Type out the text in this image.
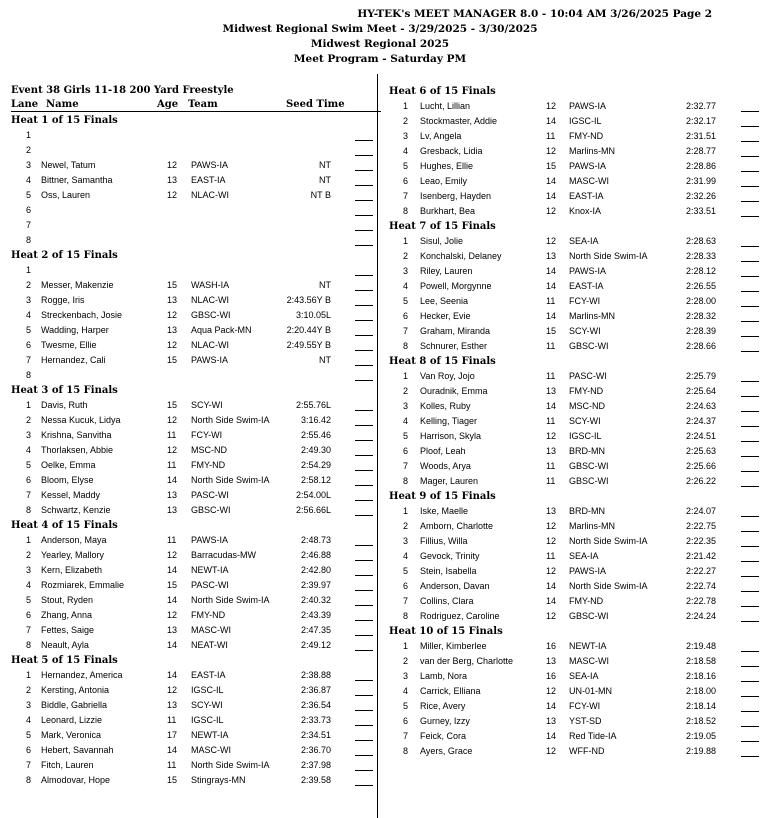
HY-TEK's MEET MANAGER 8.0 - 10:04 AM 3/26/2025 Page 2
Midwest Regional Swim Meet - 3/29/2025 - 3/30/2025
Midwest Regional 2025
Meet Program - Saturday PM
Event 38 Girls 11-18 200 Yard Freestyle
Lane Name	Age Team	Seed Time
Heat 1 of 15 Finals
1
2
3 Newel, Tatum	12 PAWS-IA	NT
4 Bittner, Samantha	13 EAST-IA	NT
5 Oss, Lauren	12 NLAC-WI	NT B
6
7
8
Heat 2 of 15 Finals
1
2 Messer, Makenzie	15 WASH-IA	NT
3 Rogge, Iris	13 NLAC-WI	2:43.56Y B
4 Streckenbach, Josie	12 GBSC-WI	3:10.05L
5 Wadding, Harper	13 Aqua Pack-MN	2:20.44Y B
6 Twesme, Ellie	12 NLAC-WI	2:49.55Y B
7 Hernandez, Cali	15 PAWS-IA	NT
8
Heat 3 of 15 Finals
1 Davis, Ruth	15 SCY-WI	2:55.76L
2 Nessa Kucuk, Lidya	12 North Side Swim-IA	3:16.42
3 Krishna, Sanvitha	11 FCY-WI	2:55.46
4 Thorlaksen, Abbie	12 MSC-ND	2:49.30
5 Oelke, Emma	11 FMY-ND	2:54.29
6 Bloom, Elyse	14 North Side Swim-IA	2:58.12
7 Kessel, Maddy	13 PASC-WI	2:54.00L
8 Schwartz, Kenzie	13 GBSC-WI	2:56.66L
Heat 4 of 15 Finals
1 Anderson, Maya	11 PAWS-IA	2:48.73
2 Yearley, Mallory	12 Barracudas-MW	2:46.88
3 Kern, Elizabeth	14 NEWT-IA	2:42.80
4 Rozmiarek, Emmalie	15 PASC-WI	2:39.97
5 Stout, Ryden	14 North Side Swim-IA	2:40.32
6 Zhang, Anna	12 FMY-ND	2:43.39
7 Fettes, Saige	13 MASC-WI	2:47.35
8 Neault, Ayla	14 NEAT-WI	2:49.12
Heat 5 of 15 Finals
1 Hernandez, America	14 EAST-IA	2:38.88
2 Kersting, Antonia	12 IGSC-IL	2:36.87
3 Biddle, Gabriella	13 SCY-WI	2:36.54
4 Leonard, Lizzie	11 IGSC-IL	2:33.73
5 Mark, Veronica	17 NEWT-IA	2:34.51
6 Hebert, Savannah	14 MASC-WI	2:36.70
7 Fitch, Lauren	11 North Side Swim-IA	2:37.98
8 Almodovar, Hope	15 Stingrays-MN	2:39.58
Heat 6 of 15 Finals
1 Lucht, Lillian	12 PAWS-IA	2:32.77
2 Stockmaster, Addie	14 IGSC-IL	2:32.17
3 Lv, Angela	11 FMY-ND	2:31.51
4 Gresback, Lidia	12 Marlins-MN	2:28.77
5 Hughes, Ellie	15 PAWS-IA	2:28.86
6 Leao, Emily	14 MASC-WI	2:31.99
7 Isenberg, Hayden	14 EAST-IA	2:32.26
8 Burkhart, Bea	12 Knox-IA	2:33.51
Heat 7 of 15 Finals
1 Sisul, Jolie	12 SEA-IA	2:28.63
2 Konchalski, Delaney	13 North Side Swim-IA	2:28.33
3 Riley, Lauren	14 PAWS-IA	2:28.12
4 Powell, Morgynne	14 EAST-IA	2:26.55
5 Lee, Seenia	11 FCY-WI	2:28.00
6 Hecker, Evie	14 Marlins-MN	2:28.32
7 Graham, Miranda	15 SCY-WI	2:28.39
8 Schnurer, Esther	11 GBSC-WI	2:28.66
Heat 8 of 15 Finals
1 Van Roy, Jojo	11 PASC-WI	2:25.79
2 Ouradnik, Emma	13 FMY-ND	2:25.64
3 Kolles, Ruby	14 MSC-ND	2:24.63
4 Kelling, Tiager	11 SCY-WI	2:24.37
5 Harrison, Skyla	12 IGSC-IL	2:24.51
6 Ploof, Leah	13 BRD-MN	2:25.63
7 Woods, Arya	11 GBSC-WI	2:25.66
8 Mager, Lauren	11 GBSC-WI	2:26.22
Heat 9 of 15 Finals
1 Iske, Maelle	13 BRD-MN	2:24.07
2 Amborn, Charlotte	12 Marlins-MN	2:22.75
3 Fillius, Willa	12 North Side Swim-IA	2:22.35
4 Gevock, Trinity	11 SEA-IA	2:21.42
5 Stein, Isabella	12 PAWS-IA	2:22.27
6 Anderson, Davan	14 North Side Swim-IA	2:22.74
7 Collins, Clara	14 FMY-ND	2:22.78
8 Rodriguez, Caroline	12 GBSC-WI	2:24.24
Heat 10 of 15 Finals
1 Miller, Kimberlee	16 NEWT-IA	2:19.48
2 van der Berg, Charlotte	13 MASC-WI	2:18.58
3 Lamb, Nora	16 SEA-IA	2:18.16
4 Carrick, Elliana	12 UN-01-MN	2:18.00
5 Rice, Avery	14 FCY-WI	2:18.14
6 Gurney, Izzy	13 YST-SD	2:18.52
7 Feick, Cora	14 Red Tide-IA	2:19.05
8 Ayers, Grace	12 WFF-ND	2:19.88
